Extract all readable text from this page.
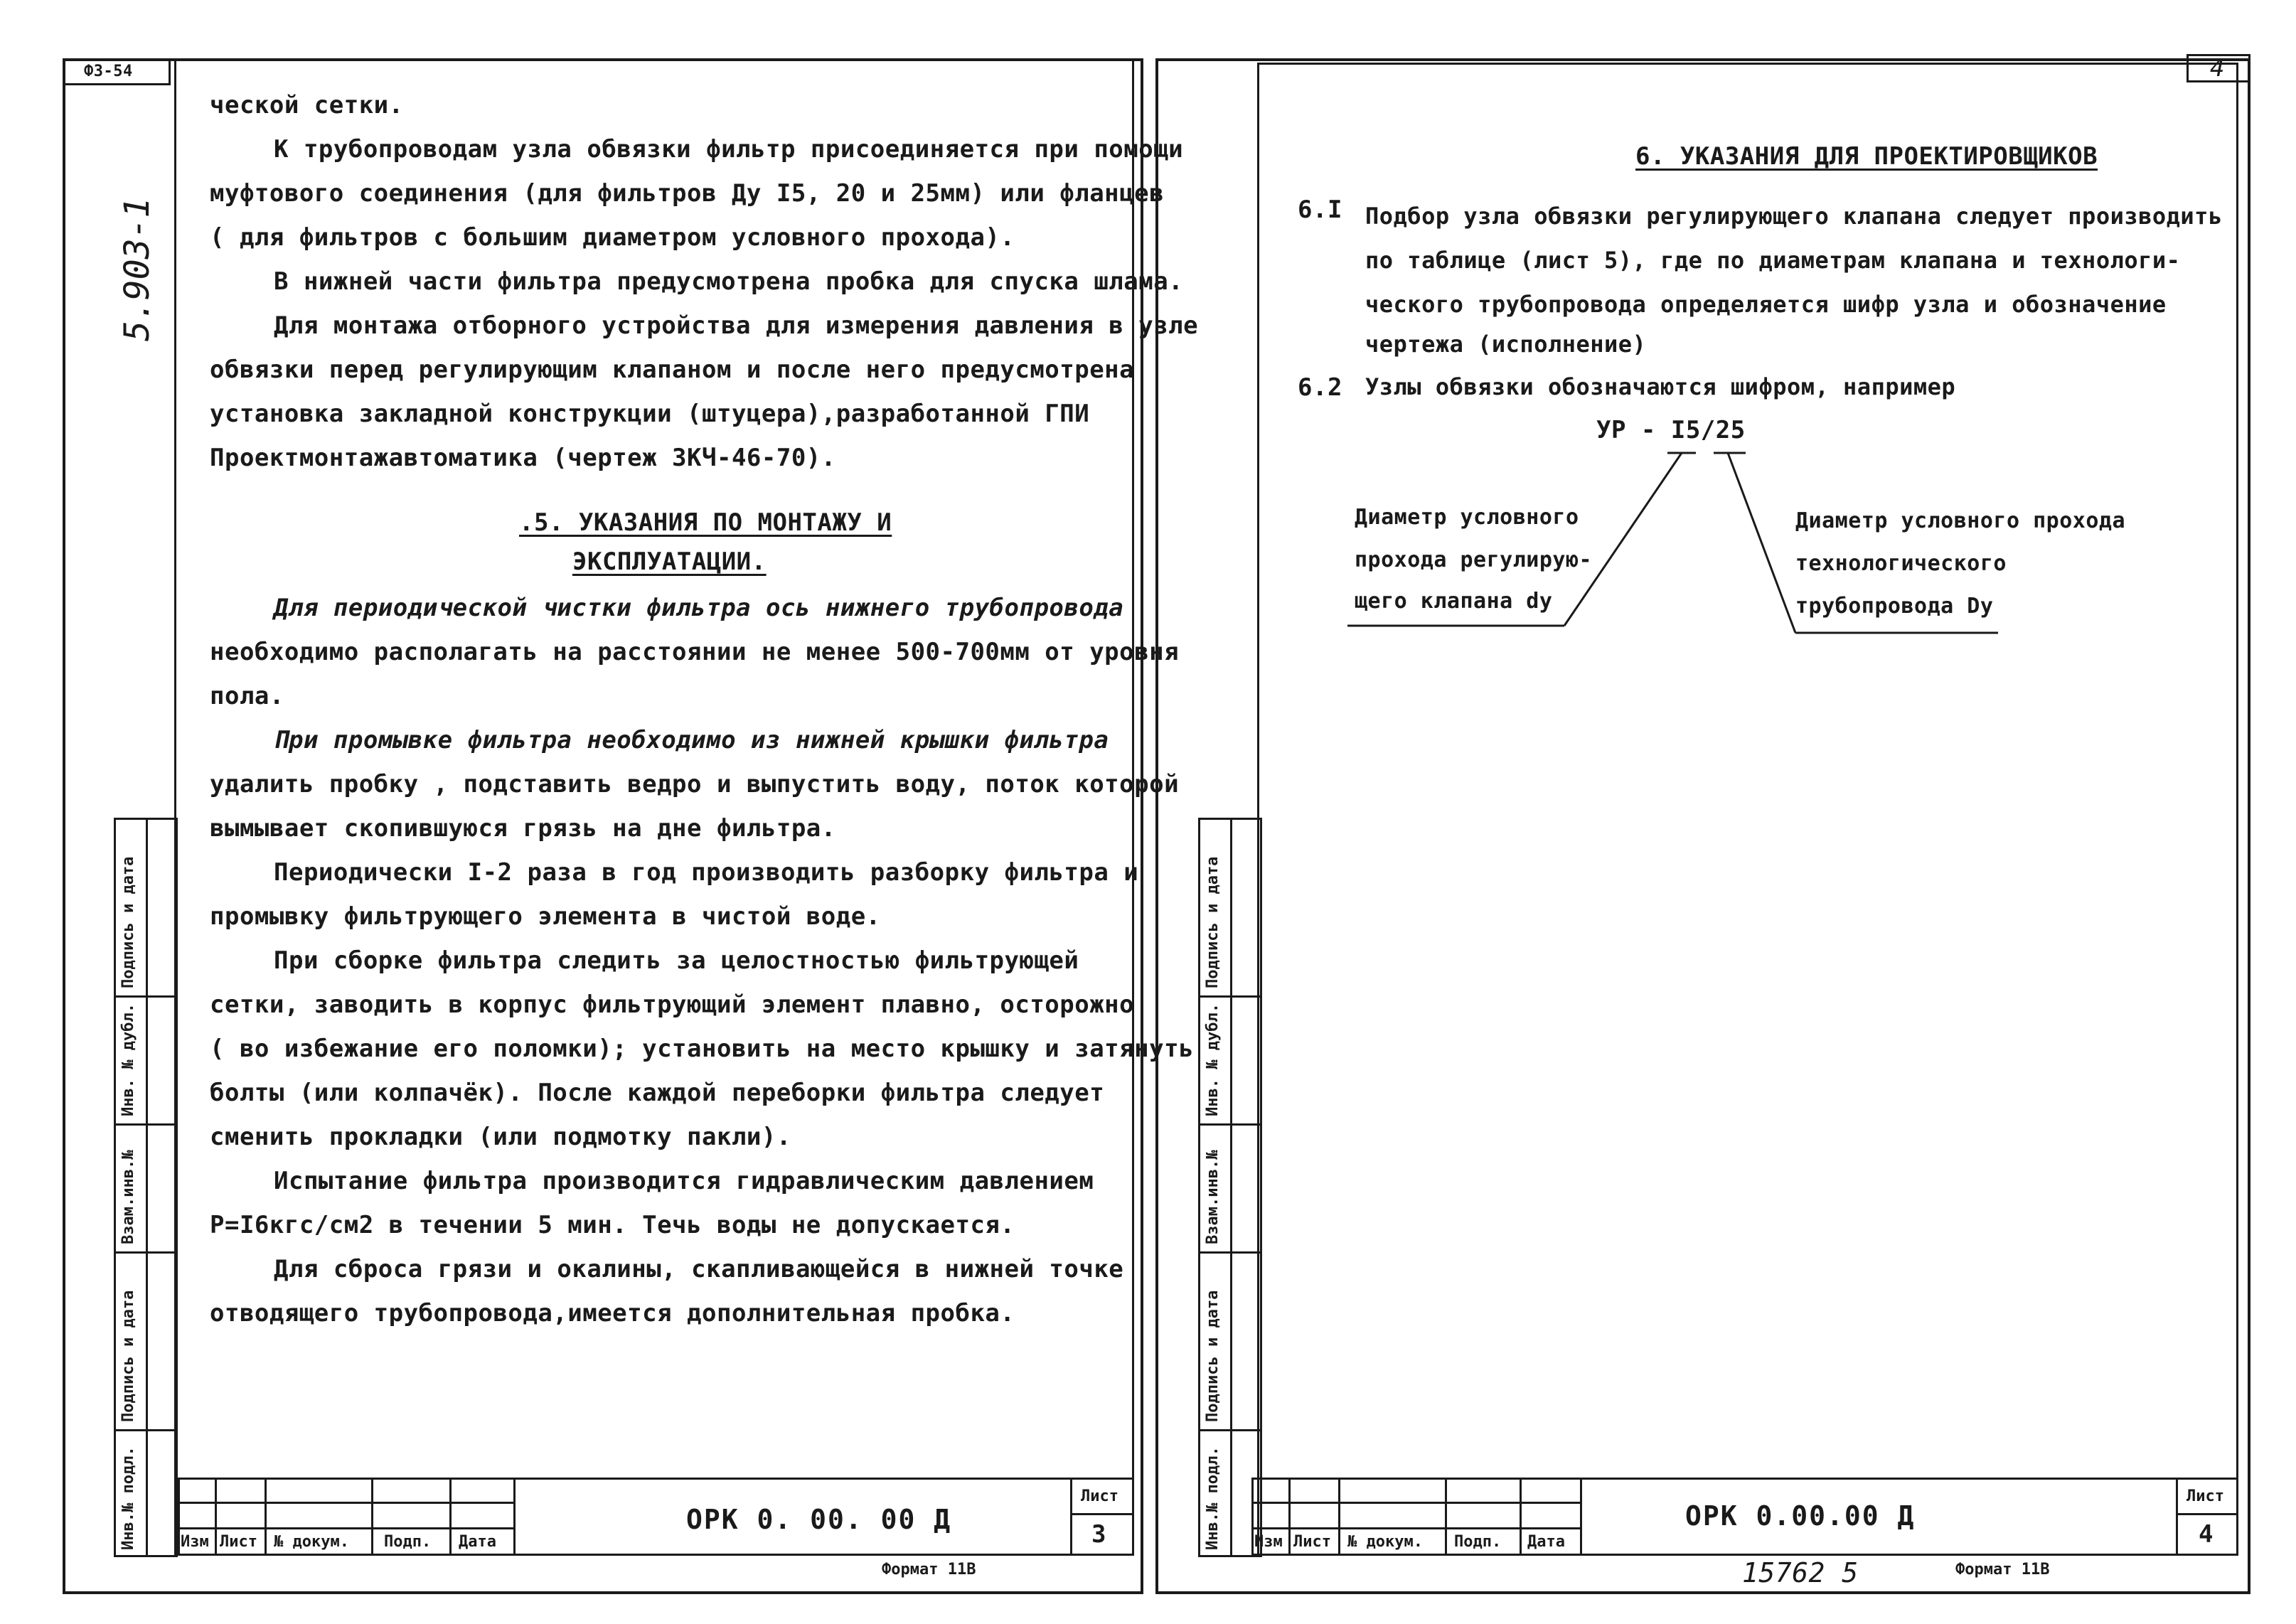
ФЗ-54
5.903-1
Инв.№ подл.
Подпись и дата
Взам.инв.№
Инв. № дубл.
Подпись и дата
ческой сетки.
К трубопроводам узла обвязки фильтр присоединяется при помощи
муфтового соединения (для фильтров Ду I5, 20 и 25мм) или фланцев
( для фильтров с большим диаметром условного прохода).
В нижней части фильтра предусмотрена пробка для спуска шлама.
Для монтажа отборного устройства для измерения давления в узле
обвязки перед регулирующим клапаном и после него предусмотрена
установка закладной конструкции (штуцера),разработанной ГПИ
Проектмонтажавтоматика (чертеж ЗКЧ-46-70).
.5. УКАЗАНИЯ ПО МОНТАЖУ И
ЭКСПЛУАТАЦИИ.
Для периодической чистки фильтра ось нижнего трубопровода
необходимо располагать на расстоянии не менее 500-700мм от уровня
пола.
При промывке фильтра необходимо из нижней крышки фильтра
удалить пробку , подставить ведро и выпустить воду, поток которой
вымывает скопившуюся грязь на дне фильтра.
Периодически I-2 раза в год производить разборку фильтра и
промывку фильтрующего элемента в чистой воде.
При сборке фильтра следить за целостностью фильтрующей
сетки, заводить в корпус фильтрующий элемент плавно, осторожно
( во избежание его поломки); установить на место крышку и затянуть
болты (или колпачёк). После каждой переборки фильтра следует
сменить прокладки (или подмотку пакли).
Испытание фильтра производится гидравлическим давлением
Р=I6кгс/см2 в течении 5 мин. Течь воды не допускается.
Для сброса грязи и окалины, скапливающейся в нижней точке
отводящего трубопровода,имеется дополнительная пробка.
Изм Лист № докум. Подп. Дата
ОРК 0. 00. 00 Д
Лист
3
Формат 11В
4
Инв.№ подл.
Подпись и дата
Взам.инв.№
Инв. № дубл.
Подпись и дата
6. УКАЗАНИЯ ДЛЯ ПРОЕКТИРОВЩИКОВ
6.I Подбор узла обвязки регулирующего клапана следует производить
по таблице (лист 5), где по диаметрам клапана и технологи-
ческого трубопровода определяется шифр узла и обозначение
чертежа (исполнение)
6.2 Узлы обвязки обозначаются шифром, например
УР - I5/25
Диаметр условного
прохода регулирую-
щего клапана dу
Диаметр условного прохода
технологического
трубопровода Dу
Изм Лист № докум. Подп. Дата
ОРК 0.00.00 Д
Лист
4
15762 5	Формат 11В
